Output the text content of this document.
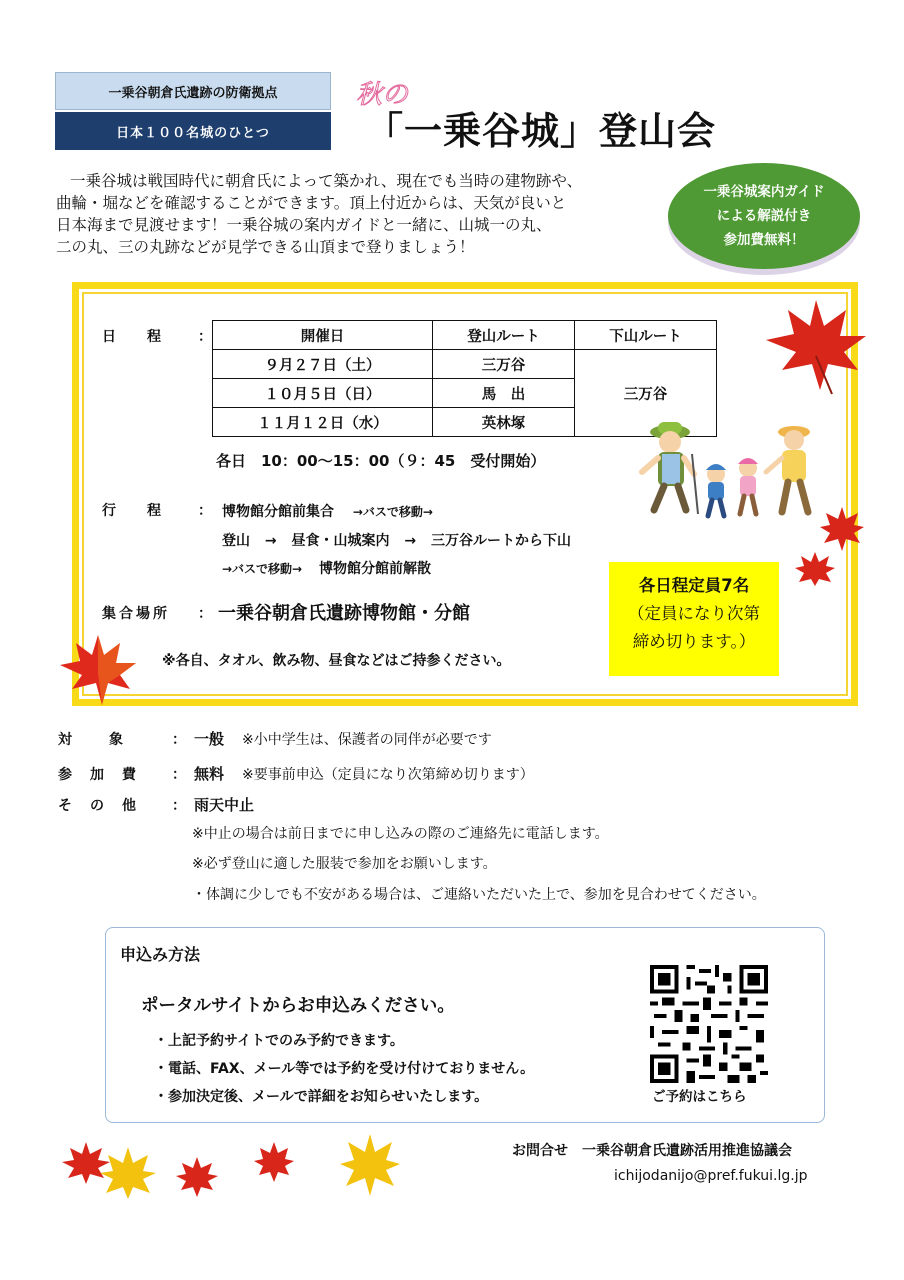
一乗谷朝倉氏遺跡の防衛拠点
日本１００名城のひとつ
秋の
「一乗谷城」登山会
一乗谷城は戦国時代に朝倉氏によって築かれ、現在でも当時の建物跡や、
曲輪・堀などを確認することができます。頂上付近からは、天気が良いと
日本海まで見渡せます！一乗谷城の案内ガイドと一緒に、山城一の丸、
二の丸、三の丸跡などが見学できる山頂まで登りましょう！
一乗谷城案内ガイド
による解説付き
参加費無料！
日　　程	：	開催日	登山ルート	下山ルート
９月２７日（土）	三万谷	三万谷
１０月５日（日）	馬　出	
１１月１２日（水）	英林塚	
各日　10：00～15：00（９：45　受付開始）
行　　程	： 博物館分館前集合 →バスで移動→
登山 → 昼食・山城案内 → 三万谷ルートから下山
→バスで移動→ 博物館分館前解散
集合場所 ： 一乗谷朝倉氏遺跡博物館・分館
※各自、タオル、飲み物、昼食などはご持参ください。
各日程定員7名
（定員になり次第
締め切ります。）
対　　象	： 一般 ※小中学生は、保護者の同伴が必要です
参　加　費 ： 無料 ※要事前申込（定員になり次第締め切ります）
そ　の　他 ： 雨天中止
※中止の場合は前日までに申し込みの際のご連絡先に電話します。
※必ず登山に適した服装で参加をお願いします。
・体調に少しでも不安がある場合は、ご連絡いただいた上で、参加を見合わせてください。
申込み方法
ポータルサイトからお申込みください。
・上記予約サイトでのみ予約できます。
・電話、FAX、メール等では予約を受け付けておりません。
・参加決定後、メールで詳細をお知らせいたします。	ご予約はこちら
お問合せ　一乗谷朝倉氏遺跡活用推進協議会
ichijodanijo@pref.fukui.lg.jp
